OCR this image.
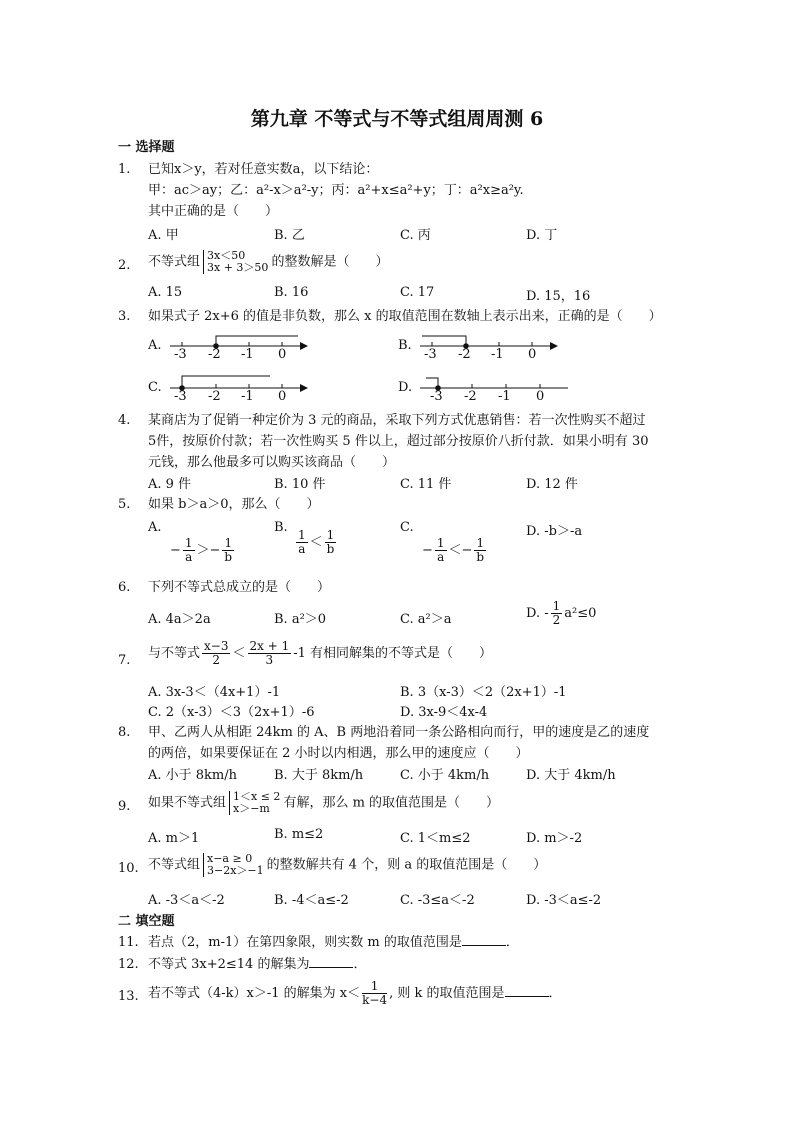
第九章 不等式与不等式组周周测 6
一 选择题
1. 已知x＞y，若对任意实数a，以下结论：
甲：ac＞ay；乙：a²-x＞a²-y；丙：a²+x≤a²+y；丁：a²x≥a²y.
其中正确的是（　　）
A. 甲	B. 乙	C. 丙	D. 丁
2. 不等式组 3x＜50
3x + 3＞50 的整数解是（　　）
A. 15	B. 16	C. 17	D. 15，16
3. 如果式子 2x+6 的值是非负数，那么 x 的取值范围在数轴上表示出来，正确的是（　　）
A.
-3 -2 -1 0
B.
-3 -2 -1 0
C.
-3 -2 -1 0
D.
-3 -2 -1 0
4. 某商店为了促销一种定价为 3 元的商品，采取下列方式优惠销售：若一次性购买不超过
5件，按原价付款；若一次性购买 5 件以上，超过部分按原价八折付款．如果小明有 30
元钱，那么他最多可以购买该商品（　　）
A. 9 件	B. 10 件	C. 11 件	D. 12 件
5. 如果 b＞a＞0，那么（　　）
A.
− $\frac{1}{a} >- \frac{1}{b}$
B.
$\frac{1}{a} < \frac{1}{b}$
C.
− $\frac{1}{a} <- \frac{1}{b}$
D. -b＞-a
6. 下列不等式总成立的是（　　）
A. 4a＞2a	B. a²＞0	C. a²＞a	D. - $\frac{1}{2} a^2\le 0$
7. 与不等式 $\frac{x-3}{2} < \frac{2x + 1}{3} -1$ 有相同解集的不等式是（　　）
A. 3x-3＜（4x+1）-1	B. 3（x-3）＜2（2x+1）-1
C. 2（x-3）＜3（2x+1）-6	D. 3x-9＜4x-4
8. 甲、乙两人从相距 24km 的 A、B 两地沿着同一条公路相向而行，甲的速度是乙的速度
的两倍，如果要保证在 2 小时以内相遇，那么甲的速度应（　　）
A. 小于 8km/h	B. 大于 8km/h	C. 小于 4km/h	D. 大于 4km/h
9. 如果不等式组 1＜x ≤ 2
x＞−m	有解，那么 m 的取值范围是（　　）
A. m＞1	B. m≤2	C. 1＜m≤2	D. m＞-2
10. 不等式组 x−a ≥ 0
3−2x＞−1 的整数解共有 4 个，则 a 的取值范围是（　　）
A. -3＜a＜-2	B. -4＜a≤-2	C. -3≤a＜-2	D. -3＜a≤-2
二 填空题
11. 若点（2，m-1）在第四象限，则实数 m 的取值范围是	．
12. 不等式 3x+2≤14 的解集为	．
13. 若不等式（4-k）x＞-1 的解集为 $x< \frac{1}{k-4}$ , 则 k 的取值范围是	．
